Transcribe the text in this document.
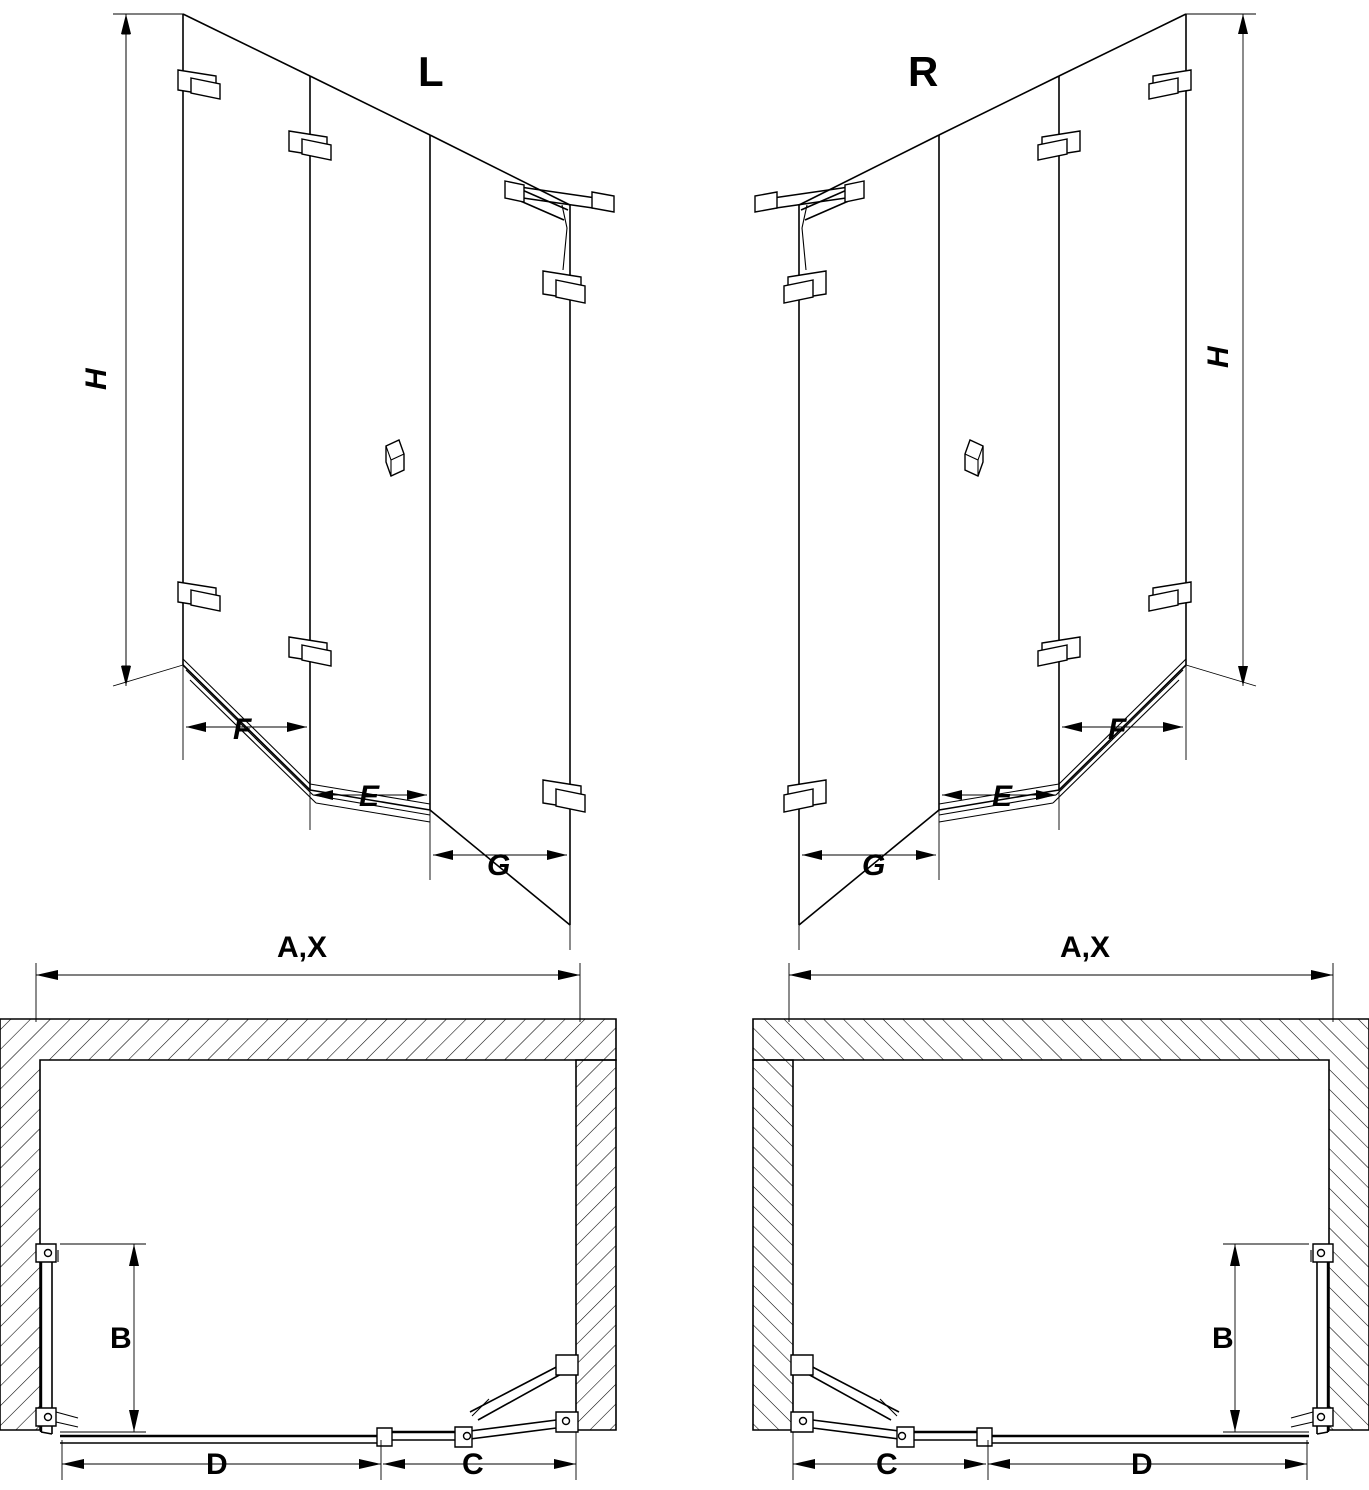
H
F
E
G
L	R
H
F
E
G
A,X
B
D	C
A,X
B
D
C
